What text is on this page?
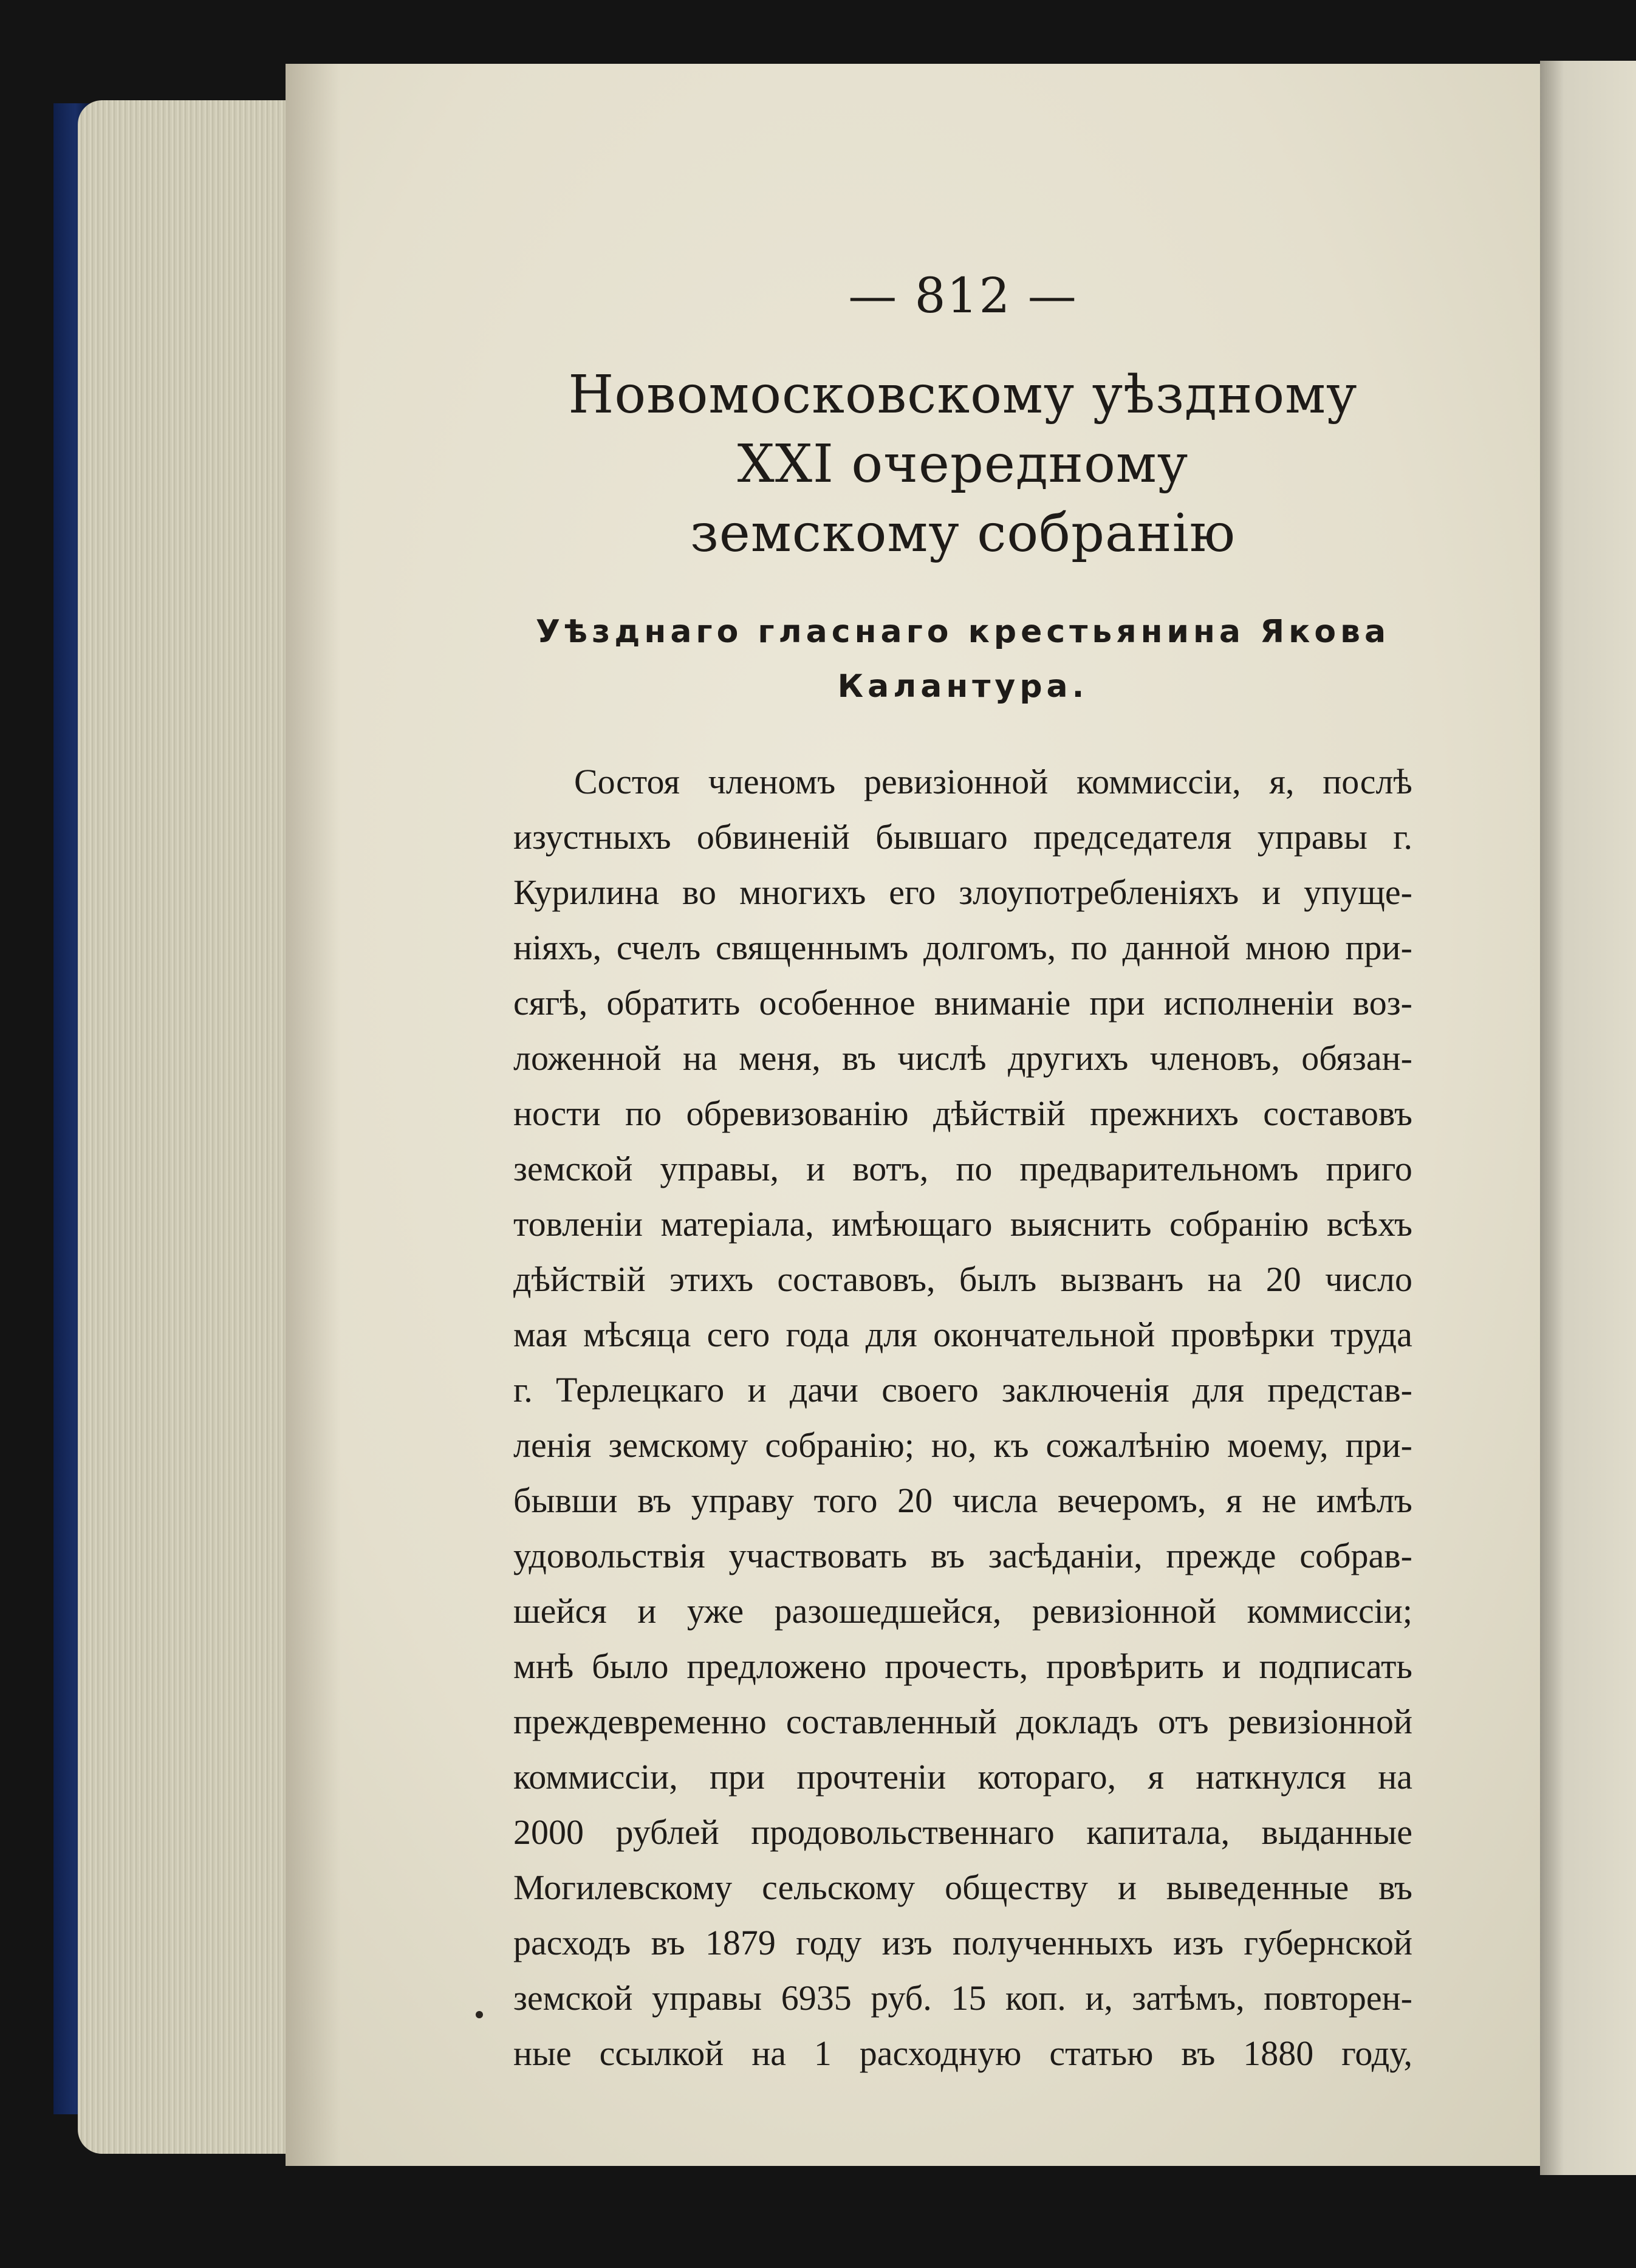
— 812 —
Новомосковскому уѣздному XXI очередному
земскому собранію
Уѣзднаго гласнаго крестьянина Якова
Калантура.
Состоя членомъ ревизіонной коммиссіи, я, послѣ
изустныхъ обвиненій бывшаго председателя управы г.
Курилина во многихъ его злоупотребленіяхъ и упуще-
ніяхъ, счелъ священнымъ долгомъ, по данной мною при-
сягѣ, обратить особенное вниманіе при исполненіи воз-
ложенной на меня, въ числѣ другихъ членовъ, обязан-
ности по обревизованію дѣйствій прежнихъ составовъ
земской управы, и вотъ, по предварительномъ приго
товленіи матеріала, имѣющаго выяснить собранію всѣхъ
дѣйствій этихъ составовъ, былъ вызванъ на 20 число
мая мѣсяца сего года для окончательной провѣрки труда
г. Терлецкаго и дачи своего заключенія для представ-
ленія земскому собранію; но, къ сожалѣнію моему, при-
бывши въ управу того 20 числа вечеромъ, я не имѣлъ
удовольствія участвовать въ засѣданіи, прежде собрав-
шейся и уже разошедшейся, ревизіонной коммиссіи;
мнѣ было предложено прочесть, провѣрить и подписать
преждевременно составленный докладъ отъ ревизіонной
коммиссіи, при прочтеніи котораго, я наткнулся на
2000 рублей продовольственнаго капитала, выданные
Могилевскому сельскому обществу и выведенные въ
расходъ въ 1879 году изъ полученныхъ изъ губернской
земской управы 6935 руб. 15 коп. и, затѣмъ, повторен-
ные ссылкой на 1 расходную статью въ 1880 году,
